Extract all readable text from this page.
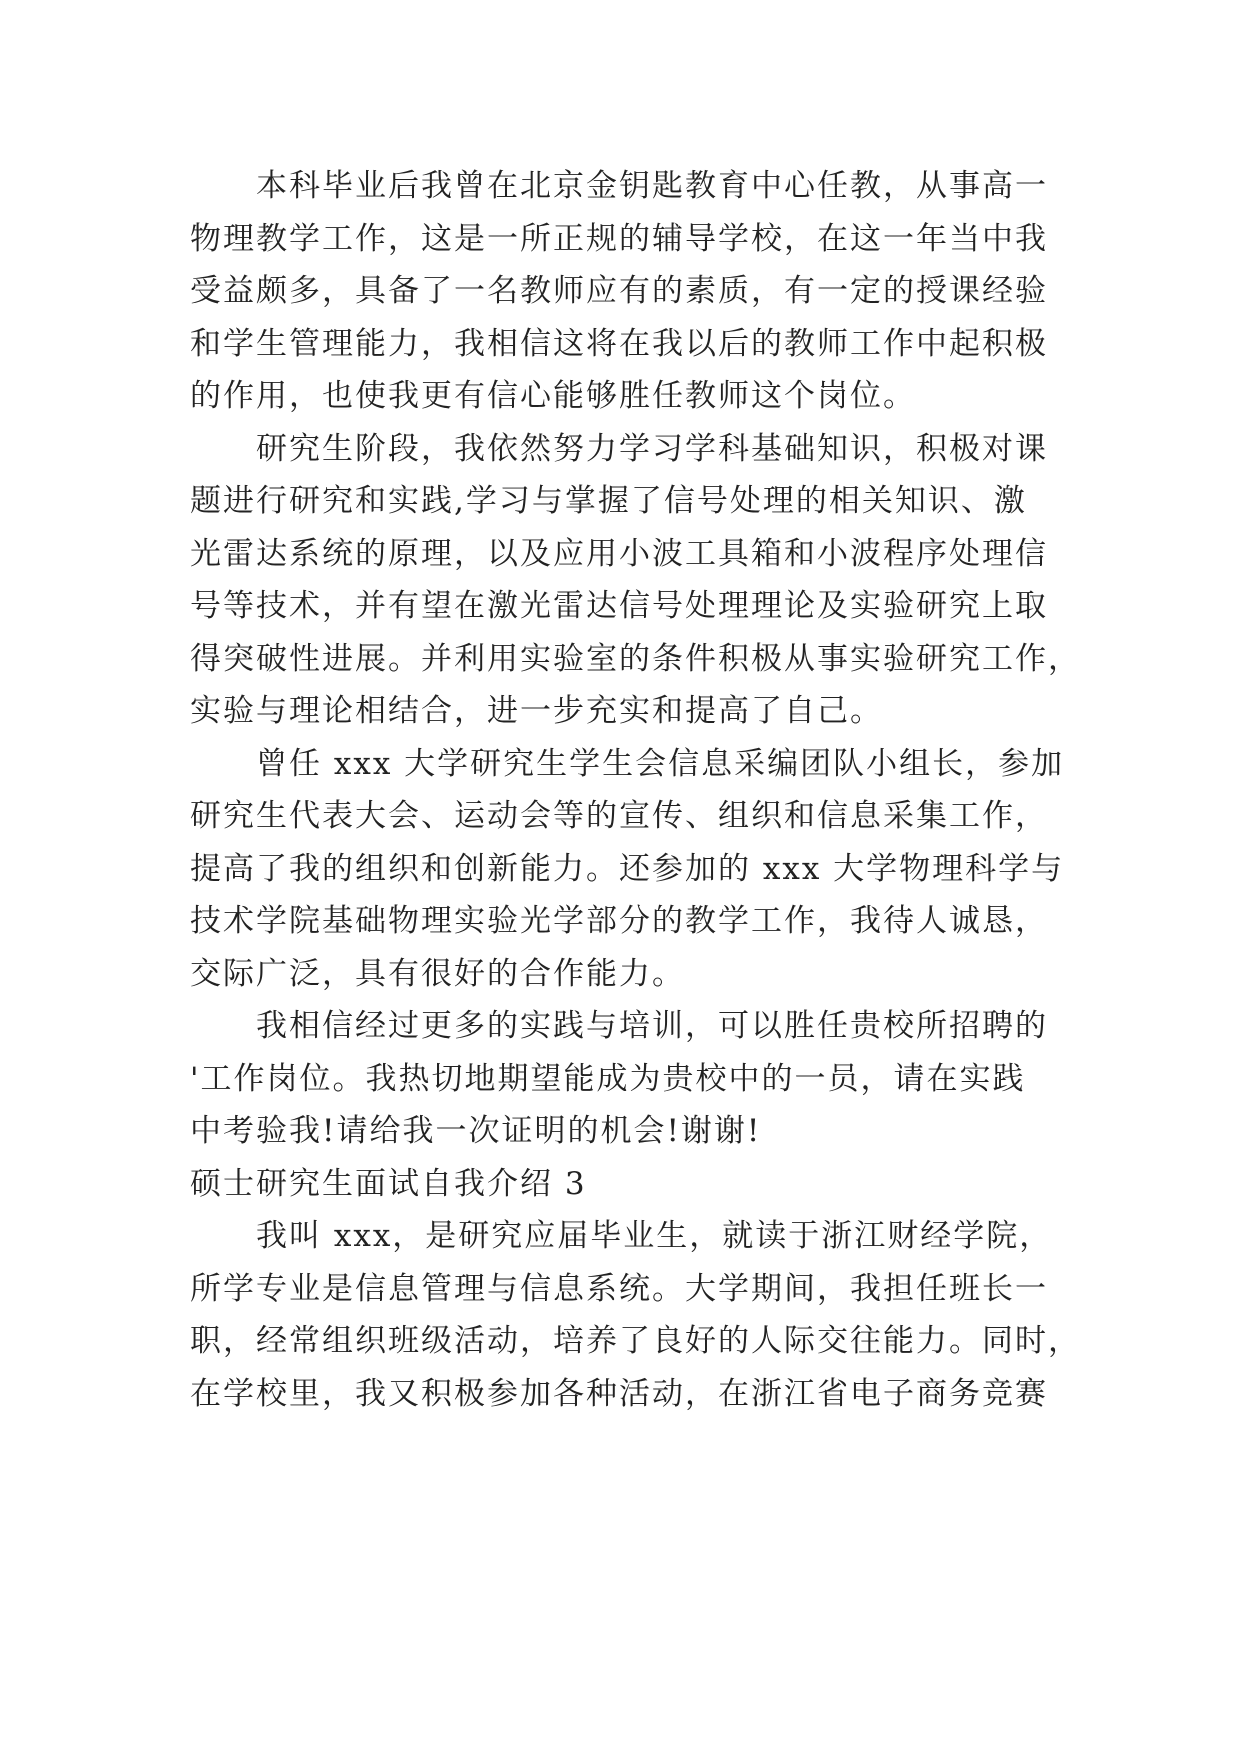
本科毕业后我曾在北京金钥匙教育中心任教，从事高一
物理教学工作，这是一所正规的辅导学校，在这一年当中我
受益颇多，具备了一名教师应有的素质，有一定的授课经验
和学生管理能力，我相信这将在我以后的教师工作中起积极
的作用，也使我更有信心能够胜任教师这个岗位。
研究生阶段，我依然努力学习学科基础知识，积极对课
题进行研究和实践,学习与掌握了信号处理的相关知识、激
光雷达系统的原理，以及应用小波工具箱和小波程序处理信
号等技术，并有望在激光雷达信号处理理论及实验研究上取
得突破性进展。并利用实验室的条件积极从事实验研究工作，
实验与理论相结合，进一步充实和提高了自己。
曾任 xxx 大学研究生学生会信息采编团队小组长，参加
研究生代表大会、运动会等的宣传、组织和信息采集工作，
提高了我的组织和创新能力。还参加的 xxx 大学物理科学与
技术学院基础物理实验光学部分的教学工作，我待人诚恳，
交际广泛，具有很好的合作能力。
我相信经过更多的实践与培训，可以胜任贵校所招聘的
'工作岗位。我热切地期望能成为贵校中的一员，请在实践
中考验我!请给我一次证明的机会!谢谢!
硕士研究生面试自我介绍 3
我叫 xxx，是研究应届毕业生，就读于浙江财经学院，
所学专业是信息管理与信息系统。大学期间，我担任班长一
职，经常组织班级活动，培养了良好的人际交往能力。同时，
在学校里，我又积极参加各种活动，在浙江省电子商务竞赛
